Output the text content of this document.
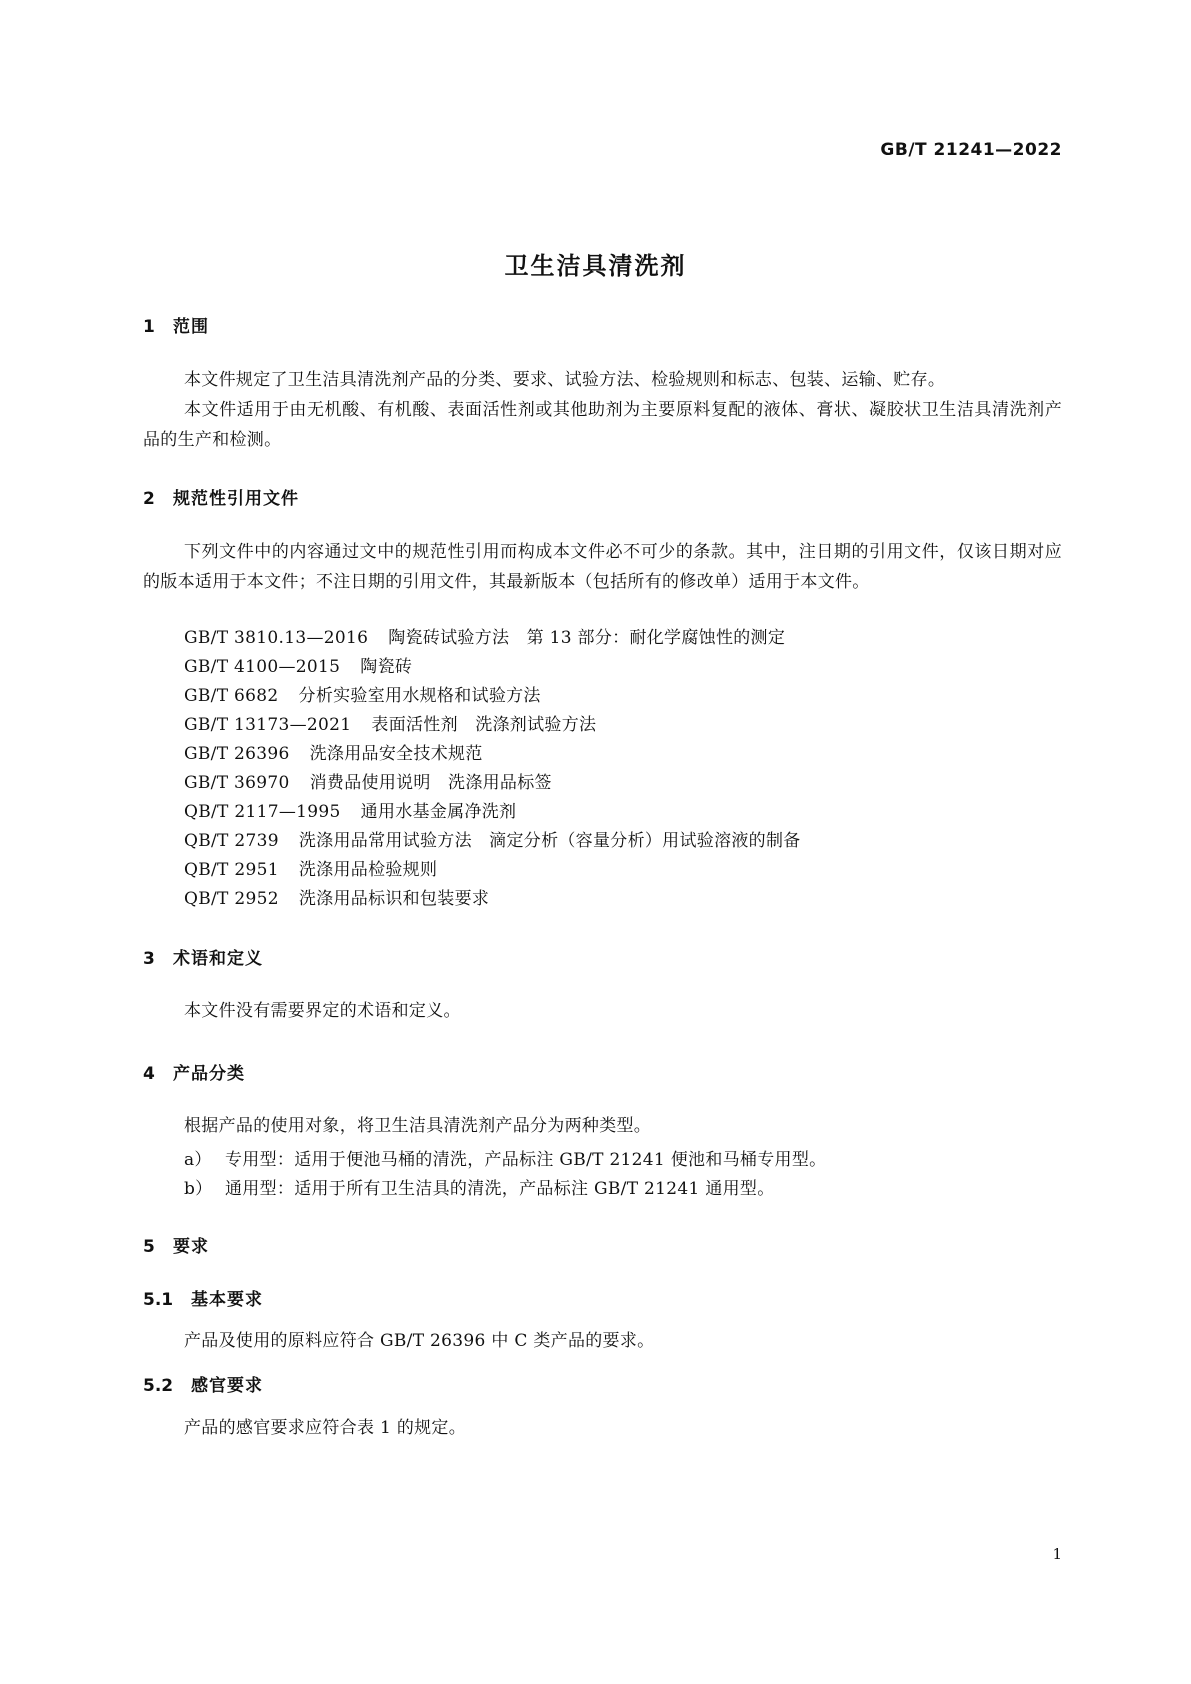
GB/T 21241—2022
卫生洁具清洗剂
1	范围
本文件规定了卫生洁具清洗剂产品的分类、要求、试验方法、检验规则和标志、包装、运输、贮存。
本文件适用于由无机酸、有机酸、表面活性剂或其他助剂为主要原料复配的液体、膏状、凝胶状卫生洁具清洗剂产品的生产和检测。
2	规范性引用文件
下列文件中的内容通过文中的规范性引用而构成本文件必不可少的条款。其中，注日期的引用文件，仅该日期对应的版本适用于本文件；不注日期的引用文件，其最新版本（包括所有的修改单）适用于本文件。
GB/T 3810.13—2016 陶瓷砖试验方法　第 13 部分：耐化学腐蚀性的测定
GB/T 4100—2015 陶瓷砖
GB/T 6682 分析实验室用水规格和试验方法
GB/T 13173—2021 表面活性剂　洗涤剂试验方法
GB/T 26396 洗涤用品安全技术规范
GB/T 36970 消费品使用说明　洗涤用品标签
QB/T 2117—1995 通用水基金属净洗剂
QB/T 2739 洗涤用品常用试验方法　滴定分析（容量分析）用试验溶液的制备
QB/T 2951 洗涤用品检验规则
QB/T 2952 洗涤用品标识和包装要求
3	术语和定义
本文件没有需要界定的术语和定义。
4	产品分类
根据产品的使用对象，将卫生洁具清洗剂产品分为两种类型。
a） 专用型：适用于便池马桶的清洗，产品标注 GB/T 21241 便池和马桶专用型。
b） 通用型：适用于所有卫生洁具的清洗，产品标注 GB/T 21241 通用型。
5	要求
5.1	基本要求
产品及使用的原料应符合 GB/T 26396 中 C 类产品的要求。
5.2	感官要求
产品的感官要求应符合表 1 的规定。
1
